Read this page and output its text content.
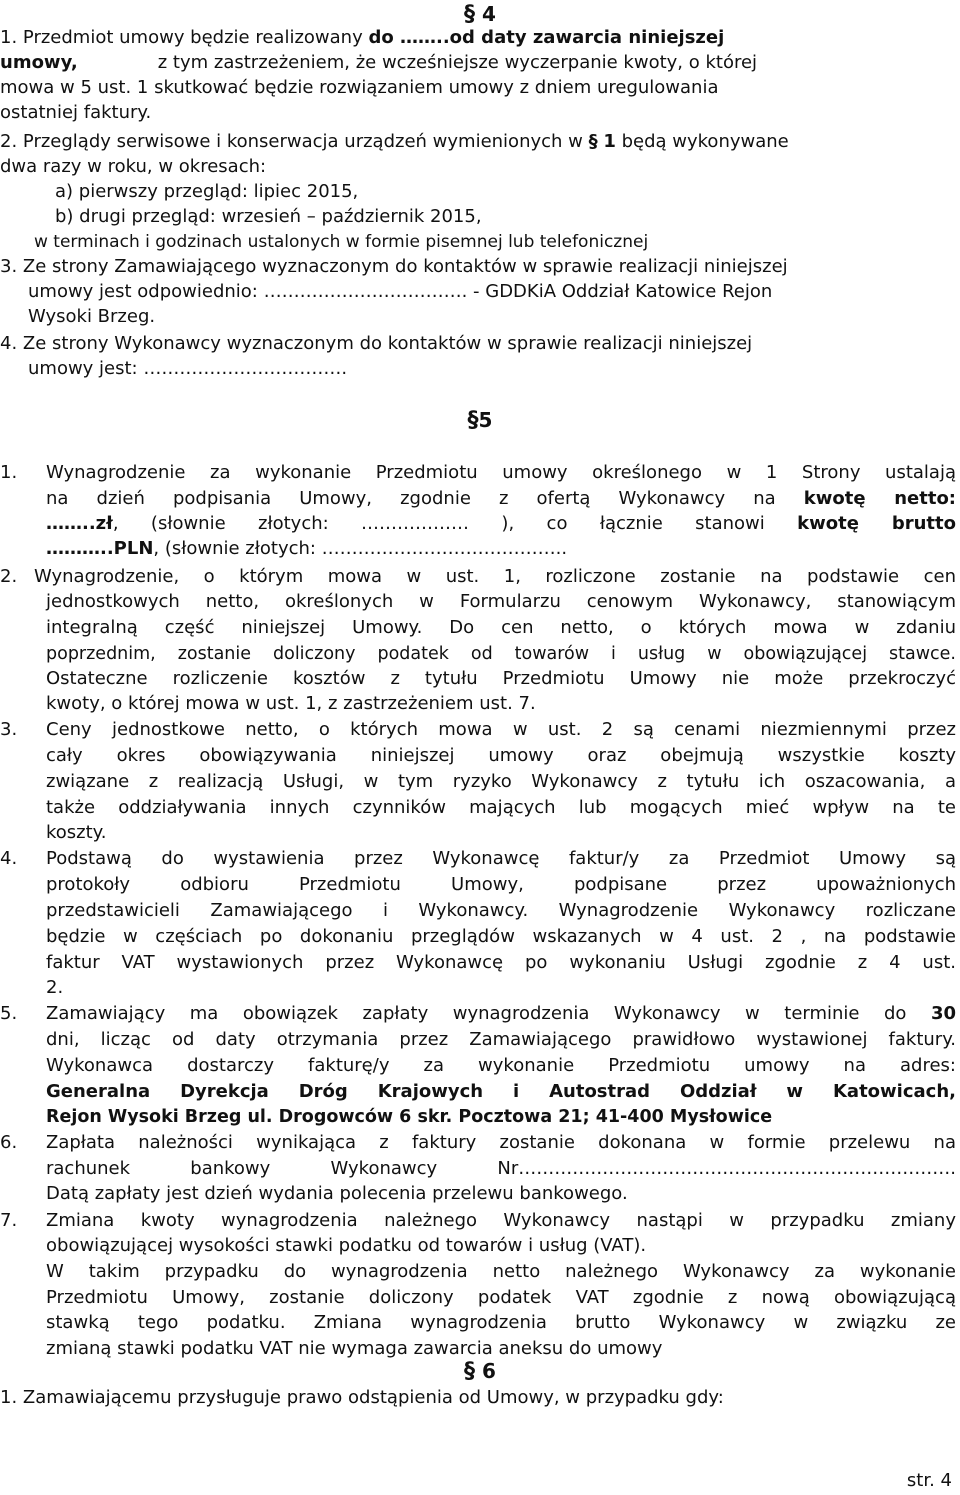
§ 4
1. Przedmiot umowy będzie realizowany do ……..od daty zawarcia niniejszej
umowy,	z tym zastrzeżeniem, że wcześniejsze wyczerpanie kwoty, o której
mowa w 5 ust. 1 skutkować będzie rozwiązaniem umowy z dniem uregulowania
ostatniej faktury.
2. Przeglądy serwisowe i konserwacja urządzeń wymienionych w § 1 będą wykonywane
dwa razy w roku, w okresach:
a) pierwszy przegląd: lipiec 2015,
b) drugi przegląd: wrzesień – październik 2015,
w terminach i godzinach ustalonych w formie pisemnej lub telefonicznej
3. Ze strony Zamawiającego wyznaczonym do kontaktów w sprawie realizacji niniejszej
umowy jest odpowiednio: ……………………………. - GDDKiA Oddział Katowice Rejon
Wysoki Brzeg.
4. Ze strony Wykonawcy wyznaczonym do kontaktów w sprawie realizacji niniejszej
umowy jest: …………………………….
§5
1. Wynagrodzenie za wykonanie Przedmiotu umowy określonego w 1 Strony ustalają
na dzień podpisania Umowy, zgodnie z ofertą Wykonawcy na kwotę netto:
……..zł, (słownie złotych: ……………… ), co łącznie stanowi kwotę brutto
………..PLN, (słownie złotych: …………………………………..
2. Wynagrodzenie, o którym mowa w ust. 1, rozliczone zostanie na podstawie cen
jednostkowych netto, określonych w Formularzu cenowym Wykonawcy, stanowiącym
integralną część niniejszej Umowy. Do cen netto, o których mowa w zdaniu
poprzednim, zostanie doliczony podatek od towarów i usług w obowiązującej stawce.
Ostateczne rozliczenie kosztów z tytułu Przedmiotu Umowy nie może przekroczyć
kwoty, o której mowa w ust. 1, z zastrzeżeniem ust. 7.
3. Ceny jednostkowe netto, o których mowa w ust. 2 są cenami niezmiennymi przez
cały okres obowiązywania niniejszej umowy oraz obejmują wszystkie koszty
związane z realizacją Usługi, w tym ryzyko Wykonawcy z tytułu ich oszacowania, a
także oddziaływania innych czynników mających lub mogących mieć wpływ na te
koszty.
4. Podstawą do wystawienia przez Wykonawcę faktur/y za Przedmiot Umowy są
protokoły odbioru Przedmiotu Umowy, podpisane przez upoważnionych
przedstawicieli Zamawiającego i Wykonawcy. Wynagrodzenie Wykonawcy rozliczane
będzie w częściach po dokonaniu przeglądów wskazanych w 4 ust. 2 , na podstawie
faktur VAT wystawionych przez Wykonawcę po wykonaniu Usługi zgodnie z 4 ust.
2.
5. Zamawiający ma obowiązek zapłaty wynagrodzenia Wykonawcy w terminie do 30
dni, licząc od daty otrzymania przez Zamawiającego prawidłowo wystawionej faktury.
Wykonawca dostarczy fakturę/y za wykonanie Przedmiotu umowy na adres:
Generalna Dyrekcja Dróg Krajowych i Autostrad Oddział w Katowicach,
Rejon Wysoki Brzeg ul. Drogowców 6 skr. Pocztowa 21; 41-400 Mysłowice
6. Zapłata należności wynikająca z faktury zostanie dokonana w formie przelewu na
rachunek bankowy Wykonawcy Nr……………………………………………………………….
Datą zapłaty jest dzień wydania polecenia przelewu bankowego.
7. Zmiana kwoty wynagrodzenia należnego Wykonawcy nastąpi w przypadku zmiany
obowiązującej wysokości stawki podatku od towarów i usług (VAT).
W takim przypadku do wynagrodzenia netto należnego Wykonawcy za wykonanie
Przedmiotu Umowy, zostanie doliczony podatek VAT zgodnie z nową obowiązującą
stawką tego podatku. Zmiana wynagrodzenia brutto Wykonawcy w związku ze
zmianą stawki podatku VAT nie wymaga zawarcia aneksu do umowy
§ 6
1. Zamawiającemu przysługuje prawo odstąpienia od Umowy, w przypadku gdy:
str. 4
